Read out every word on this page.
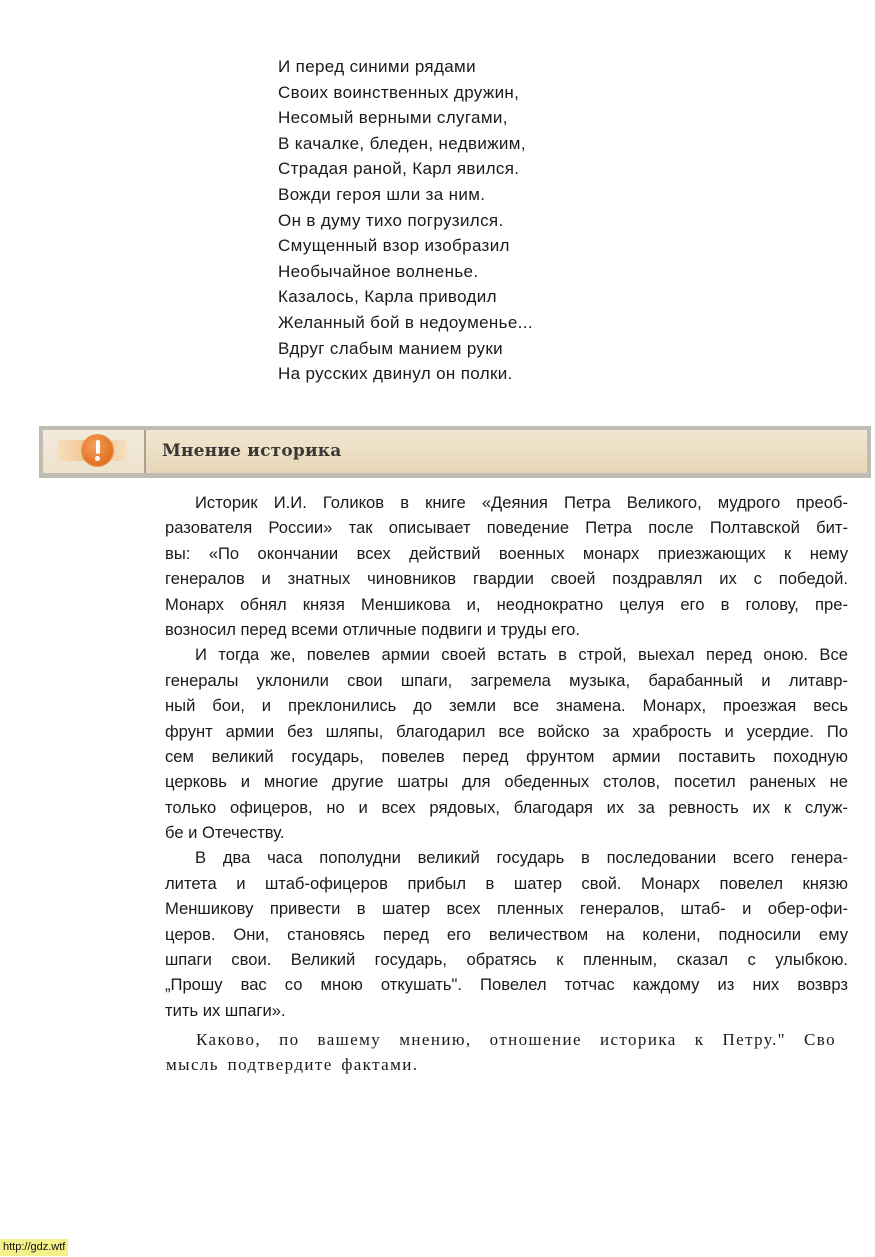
И перед синими рядами
Своих воинственных дружин,
Несомый верными слугами,
В качалке, бледен, недвижим,
Страдая раной, Карл явился.
Вожди героя шли за ним.
Он в думу тихо погрузился.
Смущенный взор изобразил
Необычайное волненье.
Казалось, Карла приводил
Желанный бой в недоуменье...
Вдруг слабым манием руки
На русских двинул он полки.
Мнение историка
Историк И.И. Голиков в книге «Деяния Петра Великого, мудрого преоб-
разователя России» так описывает поведение Петра после Полтавской бит-
вы: «По окончании всех действий военных монарх приезжающих к нему
генералов и знатных чиновников гвардии своей поздравлял их с победой.
Монарх обнял князя Меншикова и, неоднократно целуя его в голову, пре-
возносил перед всеми отличные подвиги и труды его.
И тогда же, повелев армии своей встать в строй, выехал перед оною. Все
генералы уклонили свои шпаги, загремела музыка, барабанный и литавр-
ный бои, и преклонились до земли все знамена. Монарх, проезжая весь
фрунт армии без шляпы, благодарил все войско за храбрость и усердие. По
сем великий государь, повелев перед фрунтом армии поставить походную
церковь и многие другие шатры для обеденных столов, посетил раненых не
только офицеров, но и всех рядовых, благодаря их за ревность их к служ-
бе и Отечеству.
В два часа пополудни великий государь в последовании всего генера-
литета и штаб-офицеров прибыл в шатер свой. Монарх повелел князю
Меншикову привести в шатер всех пленных генералов, штаб- и обер-офи-
церов. Они, становясь перед его величеством на колени, подносили ему
шпаги свои. Великий государь, обратясь к пленным, сказал с улыбкою.
„Прошу вас со мною откушать". Повелел тотчас каждому из них возврз
тить их шпаги».
Каково, по вашему мнению, отношение историка к Петру." Сво
мысль подтвердите фактами.
http://gdz.wtf
